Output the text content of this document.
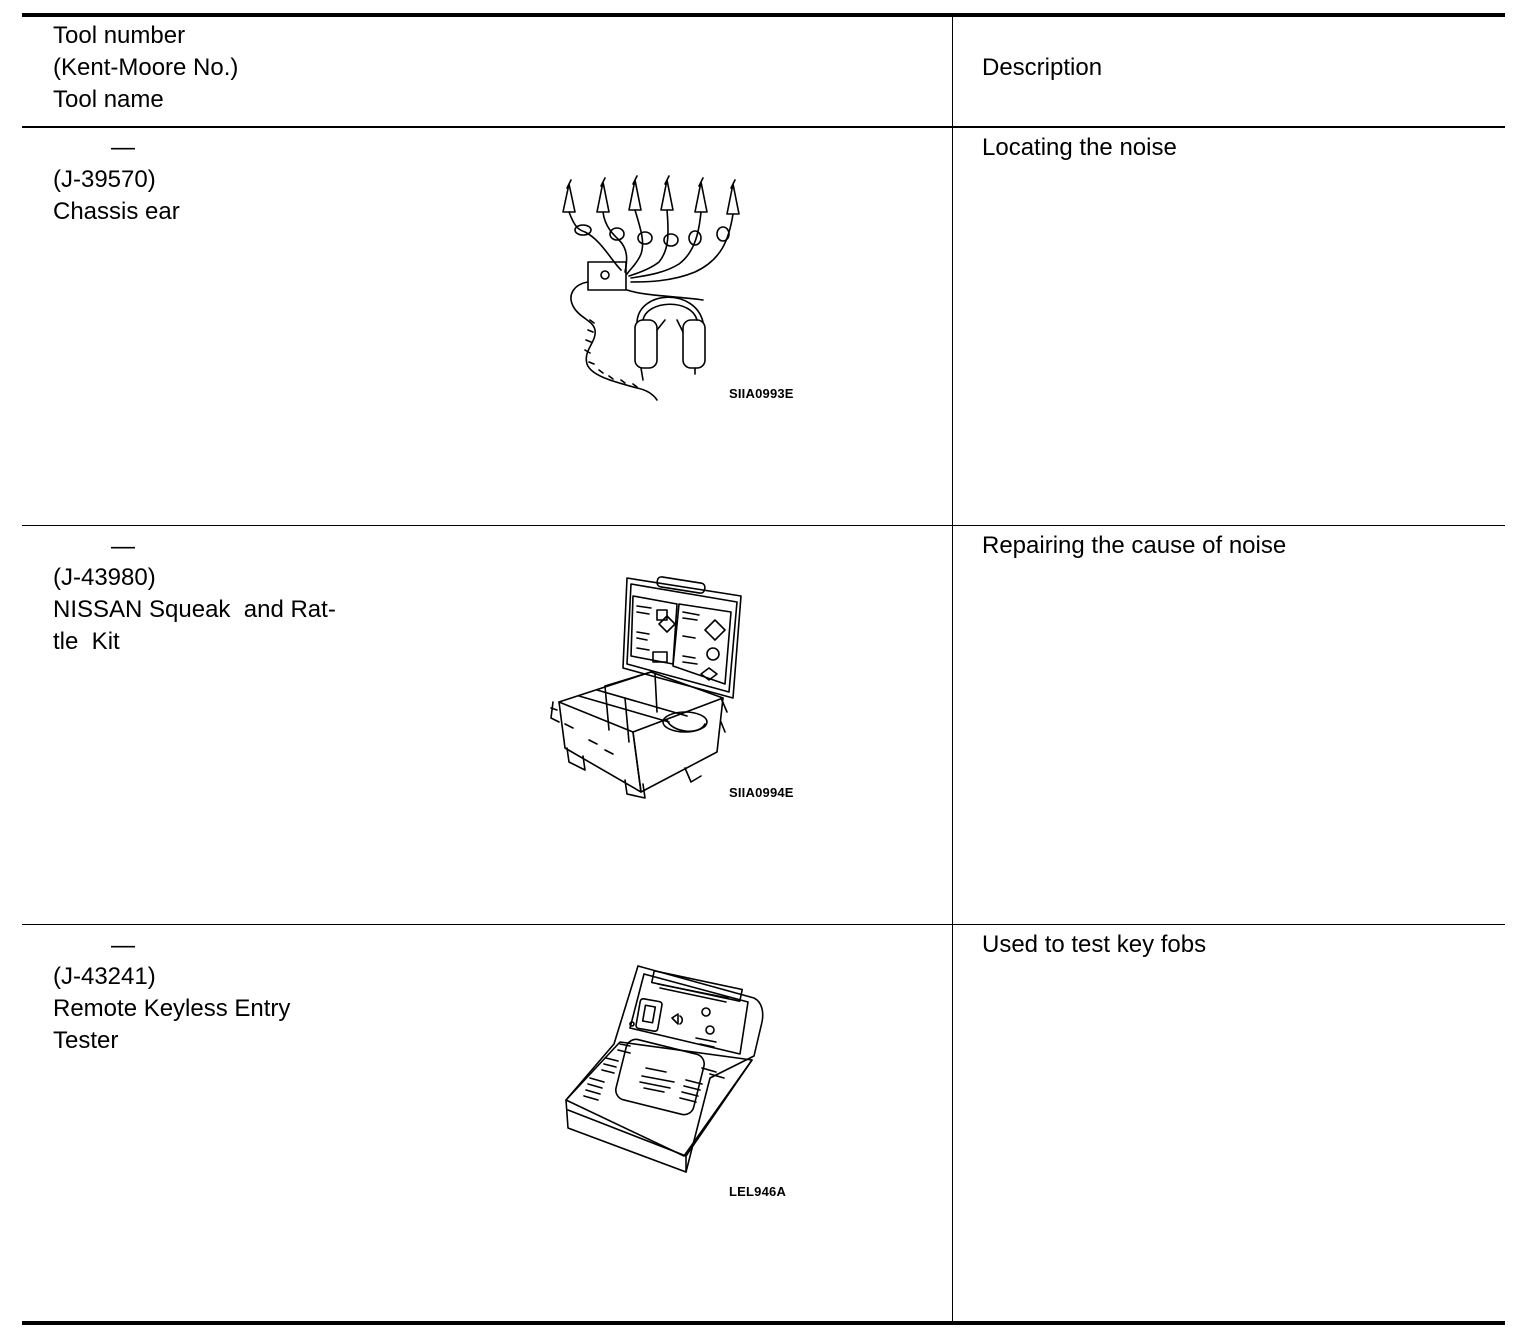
Tool number
(Kent-Moore No.)
Tool name
Description
—
(J-39570)
Chassis ear
Locating the noise
SIIA0993E
—
(J-43980)
NISSAN Squeak  and Rat-
tle  Kit
Repairing the cause of noise
SIIA0994E
—
(J-43241)
Remote Keyless Entry
Tester
Used to test key fobs
LEL946A
